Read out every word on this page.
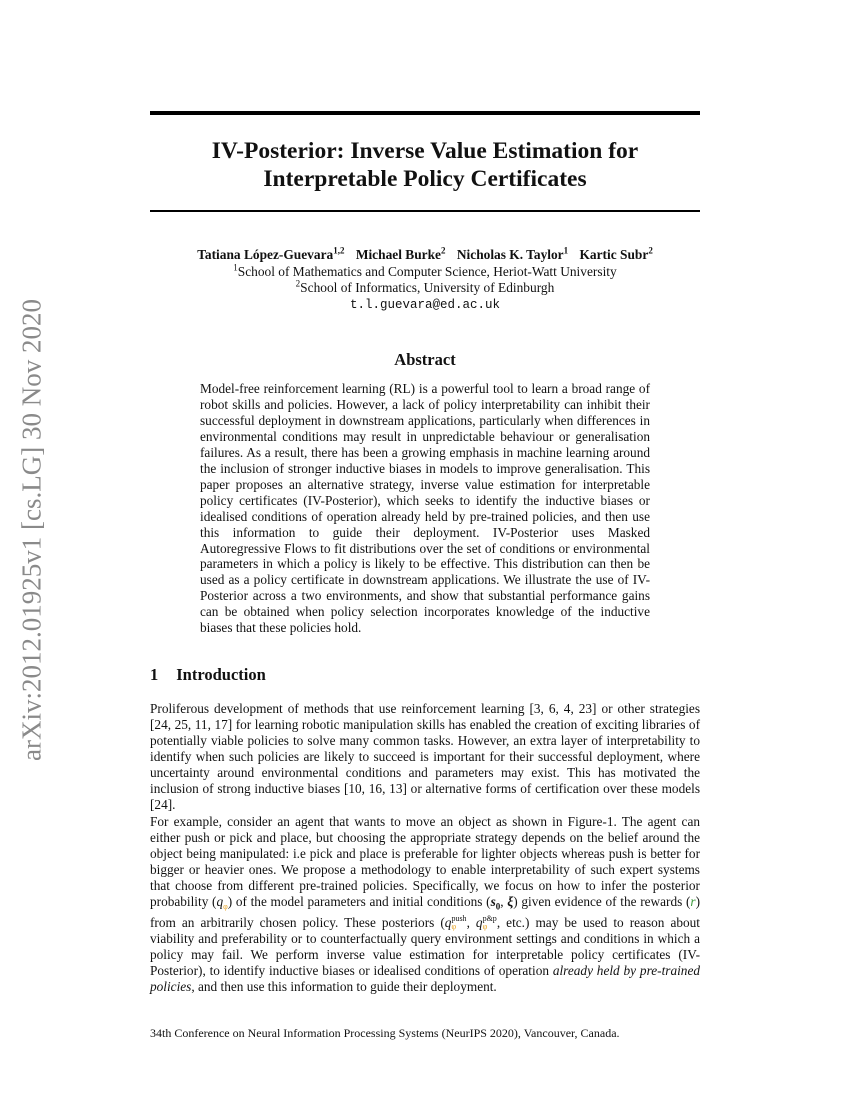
arXiv:2012.01925v1 [cs.LG] 30 Nov 2020
IV-Posterior: Inverse Value Estimation for
Interpretable Policy Certificates
Tatiana López-Guevara$^{1,2}$ Michael Burke$^2$ Nicholas K. Taylor$^1$ Kartic Subr$^2$
$^1$School of Mathematics and Computer Science, Heriot-Watt University
$^2$School of Informatics, University of Edinburgh
t.l.guevara@ed.ac.uk
Abstract
Model-free reinforcement learning (RL) is a powerful tool to learn a broad range of robot skills and policies. However, a lack of policy interpretability can inhibit their successful deployment in downstream applications, particularly when differences in environmental conditions may result in unpredictable behaviour or generalisation failures. As a result, there has been a growing emphasis in machine learning around the inclusion of stronger inductive biases in models to improve generalisation. This paper proposes an alternative strategy, inverse value estimation for interpretable policy certificates (IV-Posterior), which seeks to identify the inductive biases or idealised conditions of operation already held by pre-trained policies, and then use this information to guide their deployment. IV-Posterior uses Masked Autoregressive Flows to fit distributions over the set of conditions or environmental parameters in which a policy is likely to be effective. This distribution can then be used as a policy certificate in downstream applications. We illustrate the use of IV-Posterior across a two environments, and show that substantial performance gains can be obtained when policy selection incorporates knowledge of the inductive biases that these policies hold.
1 Introduction
Proliferous development of methods that use reinforcement learning [3, 6, 4, 23] or other strategies [24, 25, 11, 17] for learning robotic manipulation skills has enabled the creation of exciting libraries of potentially viable policies to solve many common tasks. However, an extra layer of interpretability to identify when such policies are likely to succeed is important for their successful deployment, where uncertainty around environmental conditions and parameters may exist. This has motivated the inclusion of strong inductive biases [10, 16, 13] or alternative forms of certification over these models [24].
For example, consider an agent that wants to move an object as shown in Figure-1. The agent can either push or pick and place, but choosing the appropriate strategy depends on the belief around the object being manipulated: i.e pick and place is preferable for lighter objects whereas push is better for bigger or heavier ones. We propose a methodology to enable interpretability of such expert systems that choose from different pre-trained policies. Specifically, we focus on how to infer the posterior probability $(q_\varphi)$ of the model parameters and initial conditions ($s_0$, ξ) given evidence of the rewards (r) from an arbitrarily chosen policy. These posteriors (q push
φ , q p&p
φ , etc.) may be used to reason about viability and preferability or to counterfactually query environment settings and conditions in which a policy may fail. We perform inverse value estimation for interpretable policy certificates (IV-Posterior), to identify inductive biases or idealised conditions of operation already held by pre-trained policies, and then use this information to guide their deployment.
34th Conference on Neural Information Processing Systems (NeurIPS 2020), Vancouver, Canada.
